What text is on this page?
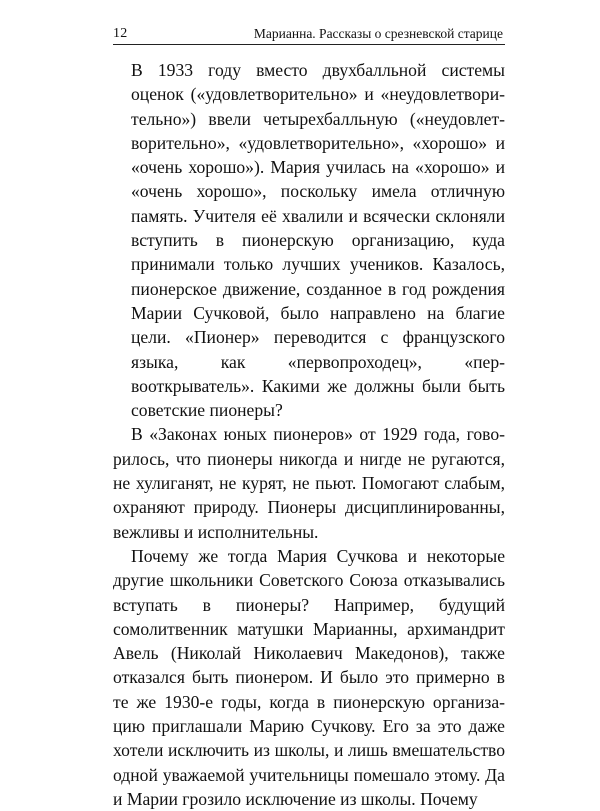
12	Марианна. Рассказы о срезневской старице

В 1933 году вместо двухбалльной системы оценок («удовлетворительно» и «неудовлетворительно») ввели четырехбалльную («неудовлетворительно», «удовлетворительно», «хорошо» и «очень хорошо»). Мария училась на «хорошо» и «очень хорошо», поскольку имела отличную память. Учителя её хвалили и всячески склоняли вступить в пионерскую организацию, куда принимали только лучших учеников. Казалось, пионерское движение, созданное в год рождения Марии Сучковой, было направлено на благие цели. «Пионер» переводится с французского языка, как «первопроходец», «первооткрыватель». Какими же должны были быть советские пионеры?

В «Законах юных пионеров» от 1929 года, говорилось, что пионеры никогда и нигде не ругаются, не хулиганят, не курят, не пьют. Помогают слабым, охраняют природу. Пионеры дисциплинированны, вежливы и исполнительны.

Почему же тогда Мария Сучкова и некоторые другие школьники Советского Союза отказывались вступать в пионеры? Например, будущий сомолитвенник матушки Марианны, архимандрит Авель (Николай Николаевич Македонов), также отказался быть пионером. И было это примерно в те же 1930-е годы, когда в пионерскую организацию приглашали Марию Сучкову. Его за это даже хотели исключить из школы, и лишь вмешательство одной уважаемой учительницы помешало этому. Да и Марии грозило исключение из школы. Почему
